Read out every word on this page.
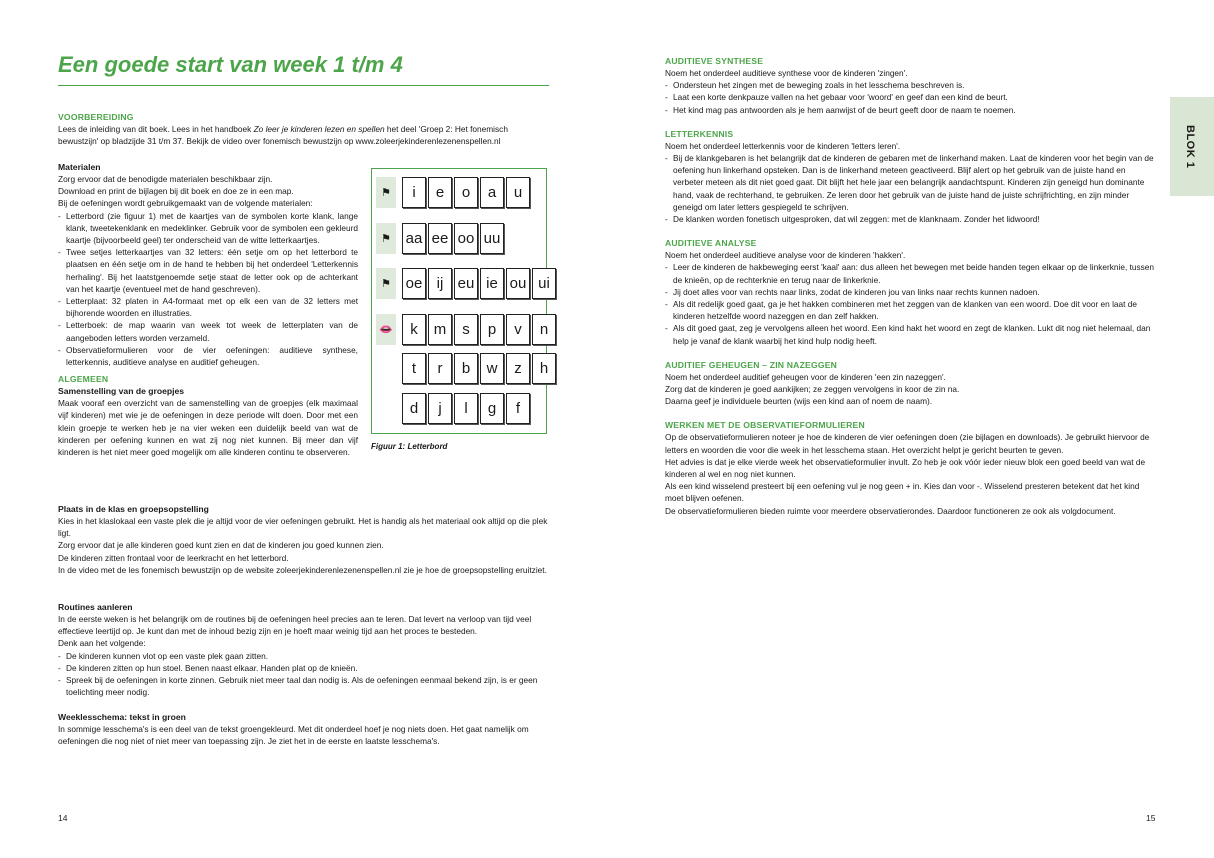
Een goede start van week 1 t/m 4

VOORBEREIDING

Lees de inleiding van dit boek. Lees in het handboek Zo leer je kinderen lezen en spellen het deel 'Groep 2: Het fonemisch
bewustzijn' op bladzijde 31 t/m 37. Bekijk de video over fonemisch bewustzijn op www.zoleerjekinderenlezenenspellen.nl

Materialen

Zorg ervoor dat de benodigde materialen beschikbaar zijn.

Download en print de bijlagen bij dit boek en doe ze in een map.

Bij de oefeningen wordt gebruikgemaakt van de volgende materialen:

- Letterbord (zie figuur 1) met de kaartjes van de symbolen korte klank, lange klank, tweetekenklank en medeklinker. Gebruik voor de symbolen een gekleurd kaartje (bijvoorbeeld geel) ter onderscheid van de witte letterkaartjes.
- Twee setjes letterkaartjes van 32 letters: één setje om op het letterbord te plaatsen en één setje om in de hand te hebben bij het onderdeel 'Letterkennis herhaling'. Bij het laatstgenoemde setje staat de letter ook op de achterkant van het kaartje (eventueel met de hand geschreven).
- Letterplaat: 32 platen in A4-formaat met op elk een van de 32 letters met bijhorende woorden en illustraties.
- Letterboek: de map waarin van week tot week de letterplaten van de aangeboden letters worden verzameld.
- Observatieformulieren voor de vier oefeningen: auditieve synthese, letterkennis, auditieve analyse en auditief geheugen.

ALGEMEEN

Samenstelling van de groepjes

Maak vooraf een overzicht van de samenstelling van de groepjes (elk maximaal vijf kinderen) met wie je de oefeningen in deze periode wilt doen. Door met een klein groepje te werken heb je na vier weken een duidelijk beeld van wat de kinderen per oefening kunnen en wat zij nog niet kunnen. Bij meer dan vijf kinderen is het niet meer goed mogelijk om alle kinderen continu te observeren.

⚑	i	e	o	a	u
⚑ aa ee oo uu
⚑ oe ij eu ie ou ui
👄	k	m	s	p	v	n
t	r	b	w	z	h
d	j	l	g	f
Figuur 1: Letterbord

Plaats in de klas en groepsopstelling

Kies in het klaslokaal een vaste plek die je altijd voor de vier oefeningen gebruikt. Het is handig als het materiaal ook altijd op die plek ligt.

Zorg ervoor dat je alle kinderen goed kunt zien en dat de kinderen jou goed kunnen zien.

De kinderen zitten frontaal voor de leerkracht en het letterbord.

In de video met de les fonemisch bewustzijn op de website zoleerjekinderenlezenenspellen.nl zie je hoe de groepsopstelling eruitziet.

Routines aanleren

In de eerste weken is het belangrijk om de routines bij de oefeningen heel precies aan te leren. Dat levert na verloop van tijd veel effectieve leertijd op. Je kunt dan met de inhoud bezig zijn en je hoeft maar weinig tijd aan het proces te besteden.

Denk aan het volgende:

- De kinderen kunnen vlot op een vaste plek gaan zitten.
- De kinderen zitten op hun stoel. Benen naast elkaar. Handen plat op de knieën.
- Spreek bij de oefeningen in korte zinnen. Gebruik niet meer taal dan nodig is. Als de oefeningen eenmaal bekend zijn, is er geen toelichting meer nodig.

Weeklesschema: tekst in groen

In sommige lesschema's is een deel van de tekst groengekleurd. Met dit onderdeel hoef je nog niets doen. Het gaat namelijk om oefeningen die nog niet of niet meer van toepassing zijn. Je ziet het in de eerste en laatste lesschema's.

14

AUDITIEVE SYNTHESE

Noem het onderdeel auditieve synthese voor de kinderen 'zingen'.

- Ondersteun het zingen met de beweging zoals in het lesschema beschreven is.
- Laat een korte denkpauze vallen na het gebaar voor 'woord' en geef dan een kind de beurt.
- Het kind mag pas antwoorden als je hem aanwijst of de beurt geeft door de naam te noemen.

LETTERKENNIS

Noem het onderdeel letterkennis voor de kinderen 'letters leren'.

- Bij de klankgebaren is het belangrijk dat de kinderen de gebaren met de linkerhand maken. Laat de kinderen voor het begin van de oefening hun linkerhand opsteken. Dan is de linkerhand meteen geactiveerd. Blijf alert op het gebruik van de juiste hand en verbeter meteen als dit niet goed gaat. Dit blijft het hele jaar een belangrijk aandachtspunt. Kinderen zijn geneigd hun dominante hand, vaak de rechterhand, te gebruiken. Ze leren door het gebruik van de juiste hand de juiste schrijfrichting, en zijn minder geneigd om later letters gespiegeld te schrijven.
- De klanken worden fonetisch uitgesproken, dat wil zeggen: met de klanknaam. Zonder het lidwoord!

AUDITIEVE ANALYSE

Noem het onderdeel auditieve analyse voor de kinderen 'hakken'.

- Leer de kinderen de hakbeweging eerst 'kaal' aan: dus alleen het bewegen met beide handen tegen elkaar op de linkerknie, tussen de knieën, op de rechterknie en terug naar de linkerknie.
- Jij doet alles voor van rechts naar links, zodat de kinderen jou van links naar rechts kunnen nadoen.
- Als dit redelijk goed gaat, ga je het hakken combineren met het zeggen van de klanken van een woord. Doe dit voor en laat de kinderen hetzelfde woord nazeggen en dan zelf hakken.
- Als dit goed gaat, zeg je vervolgens alleen het woord. Een kind hakt het woord en zegt de klanken. Lukt dit nog niet helemaal, dan help je vanaf de klank waarbij het kind hulp nodig heeft.

AUDITIEF GEHEUGEN – ZIN NAZEGGEN

Noem het onderdeel auditief geheugen voor de kinderen 'een zin nazeggen'.

Zorg dat de kinderen je goed aankijken; ze zeggen vervolgens in koor de zin na.

Daarna geef je individuele beurten (wijs een kind aan of noem de naam).

WERKEN MET DE OBSERVATIEFORMULIEREN

Op de observatieformulieren noteer je hoe de kinderen de vier oefeningen doen (zie bijlagen en downloads). Je gebruikt hiervoor de letters en woorden die voor die week in het lesschema staan. Het overzicht helpt je gericht beurten te geven.

Het advies is dat je elke vierde week het observatieformulier invult. Zo heb je ook vóór ieder nieuw blok een goed beeld van wat de kinderen al wel en nog niet kunnen.

Als een kind wisselend presteert bij een oefening vul je nog geen + in. Kies dan voor -. Wisselend presteren betekent dat het kind moet blijven oefenen.

De observatieformulieren bieden ruimte voor meerdere observatierondes. Daardoor functioneren ze ook als volgdocument.

BLOK 1
15
